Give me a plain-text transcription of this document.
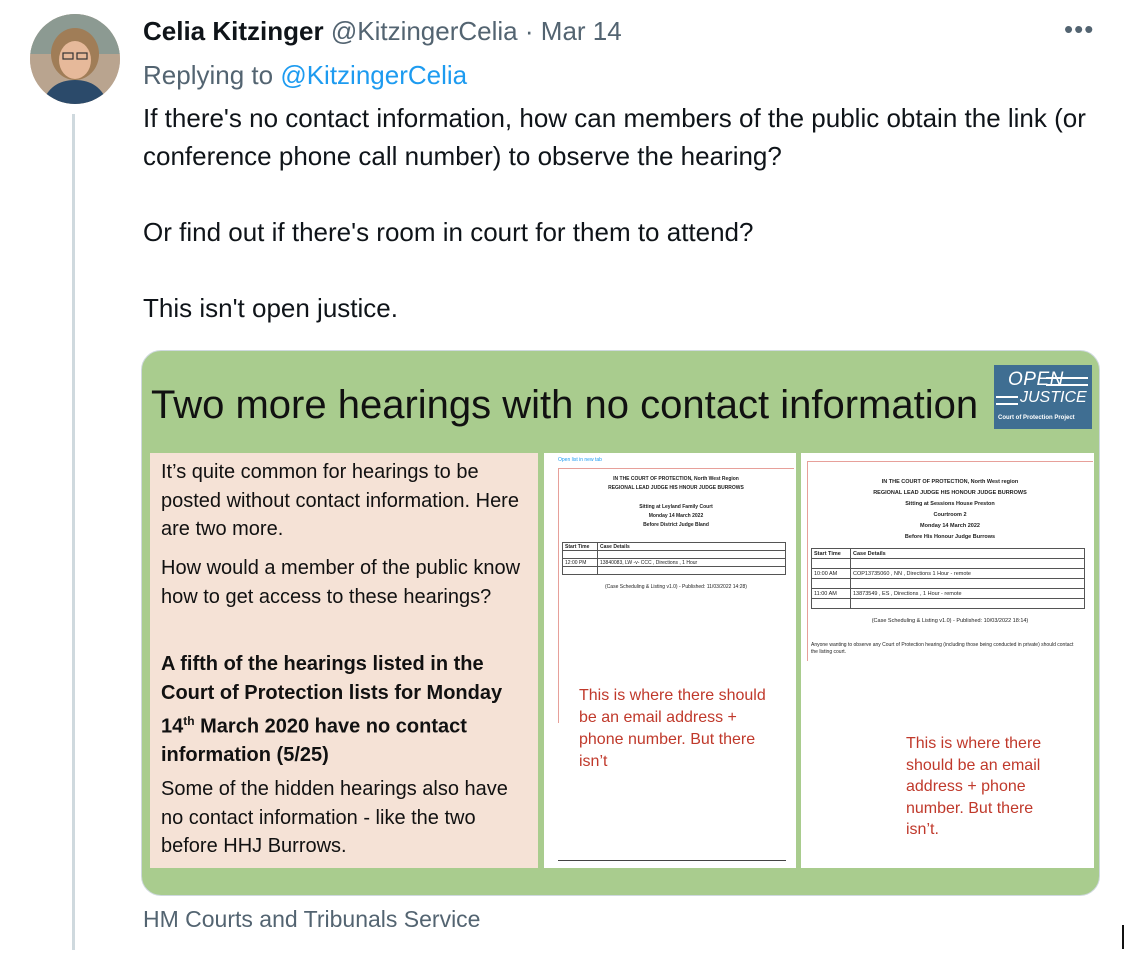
Celia Kitzinger @KitzingerCelia · Mar 14	•••
Replying to @KitzingerCelia

If there's no contact information, how can members of the public obtain the link (or conference phone call number) to observe the hearing?

Or find out if there's room in court for them to attend?

This isn't open justice.

Two more hearings with no contact information
OPEN
JUSTICE
Court of Protection Project

It’s quite common for hearings to be posted without contact information. Here are two more.

How would a member of the public know how to get access to these hearings?

A fifth of the hearings listed in the Court of Protection lists for Monday 14th March 2020 have no contact information (5/25)

Some of the hidden hearings also have no contact information - like the two before HHJ Burrows.

Open list in new tab
IN THE COURT OF PROTECTION, North West Region
REGIONAL LEAD JUDGE HIS HNOUR JUDGE BURROWS
Sitting at Leyland Family Court
Monday 14 March 2022
Before District Judge Bland
Start Time	Case Details

12:00 PM	13840083, LW -v- CCC , Directions , 1 Hour

(Case Scheduling & Listing v1.0) - Published: 11/03/2022 14:28)
This is where there should be an email address + phone number. But there isn’t
IN THE COURT OF PROTECTION, North West region
REGIONAL LEAD JUDGE HIS HONOUR JUDGE BURROWS
Sitting at Sessions House Preston
Courtroom 2
Monday 14 March 2022
Before His Honour Judge Burrows
Start Time	Case Details

10:00 AM	COP13735060 , NN , Directions 1 Hour - remote

11:00 AM	13873549 , ES , Directions , 1 Hour - remote

(Case Scheduling & Listing v1.0) - Published: 10/03/2022 18:14)
Anyone wanting to observe any Court of Protection hearing (including those being conducted in private) should contact the listing court.
This is where there should be an email address + phone number. But there isn’t.
HM Courts and Tribunals Service
